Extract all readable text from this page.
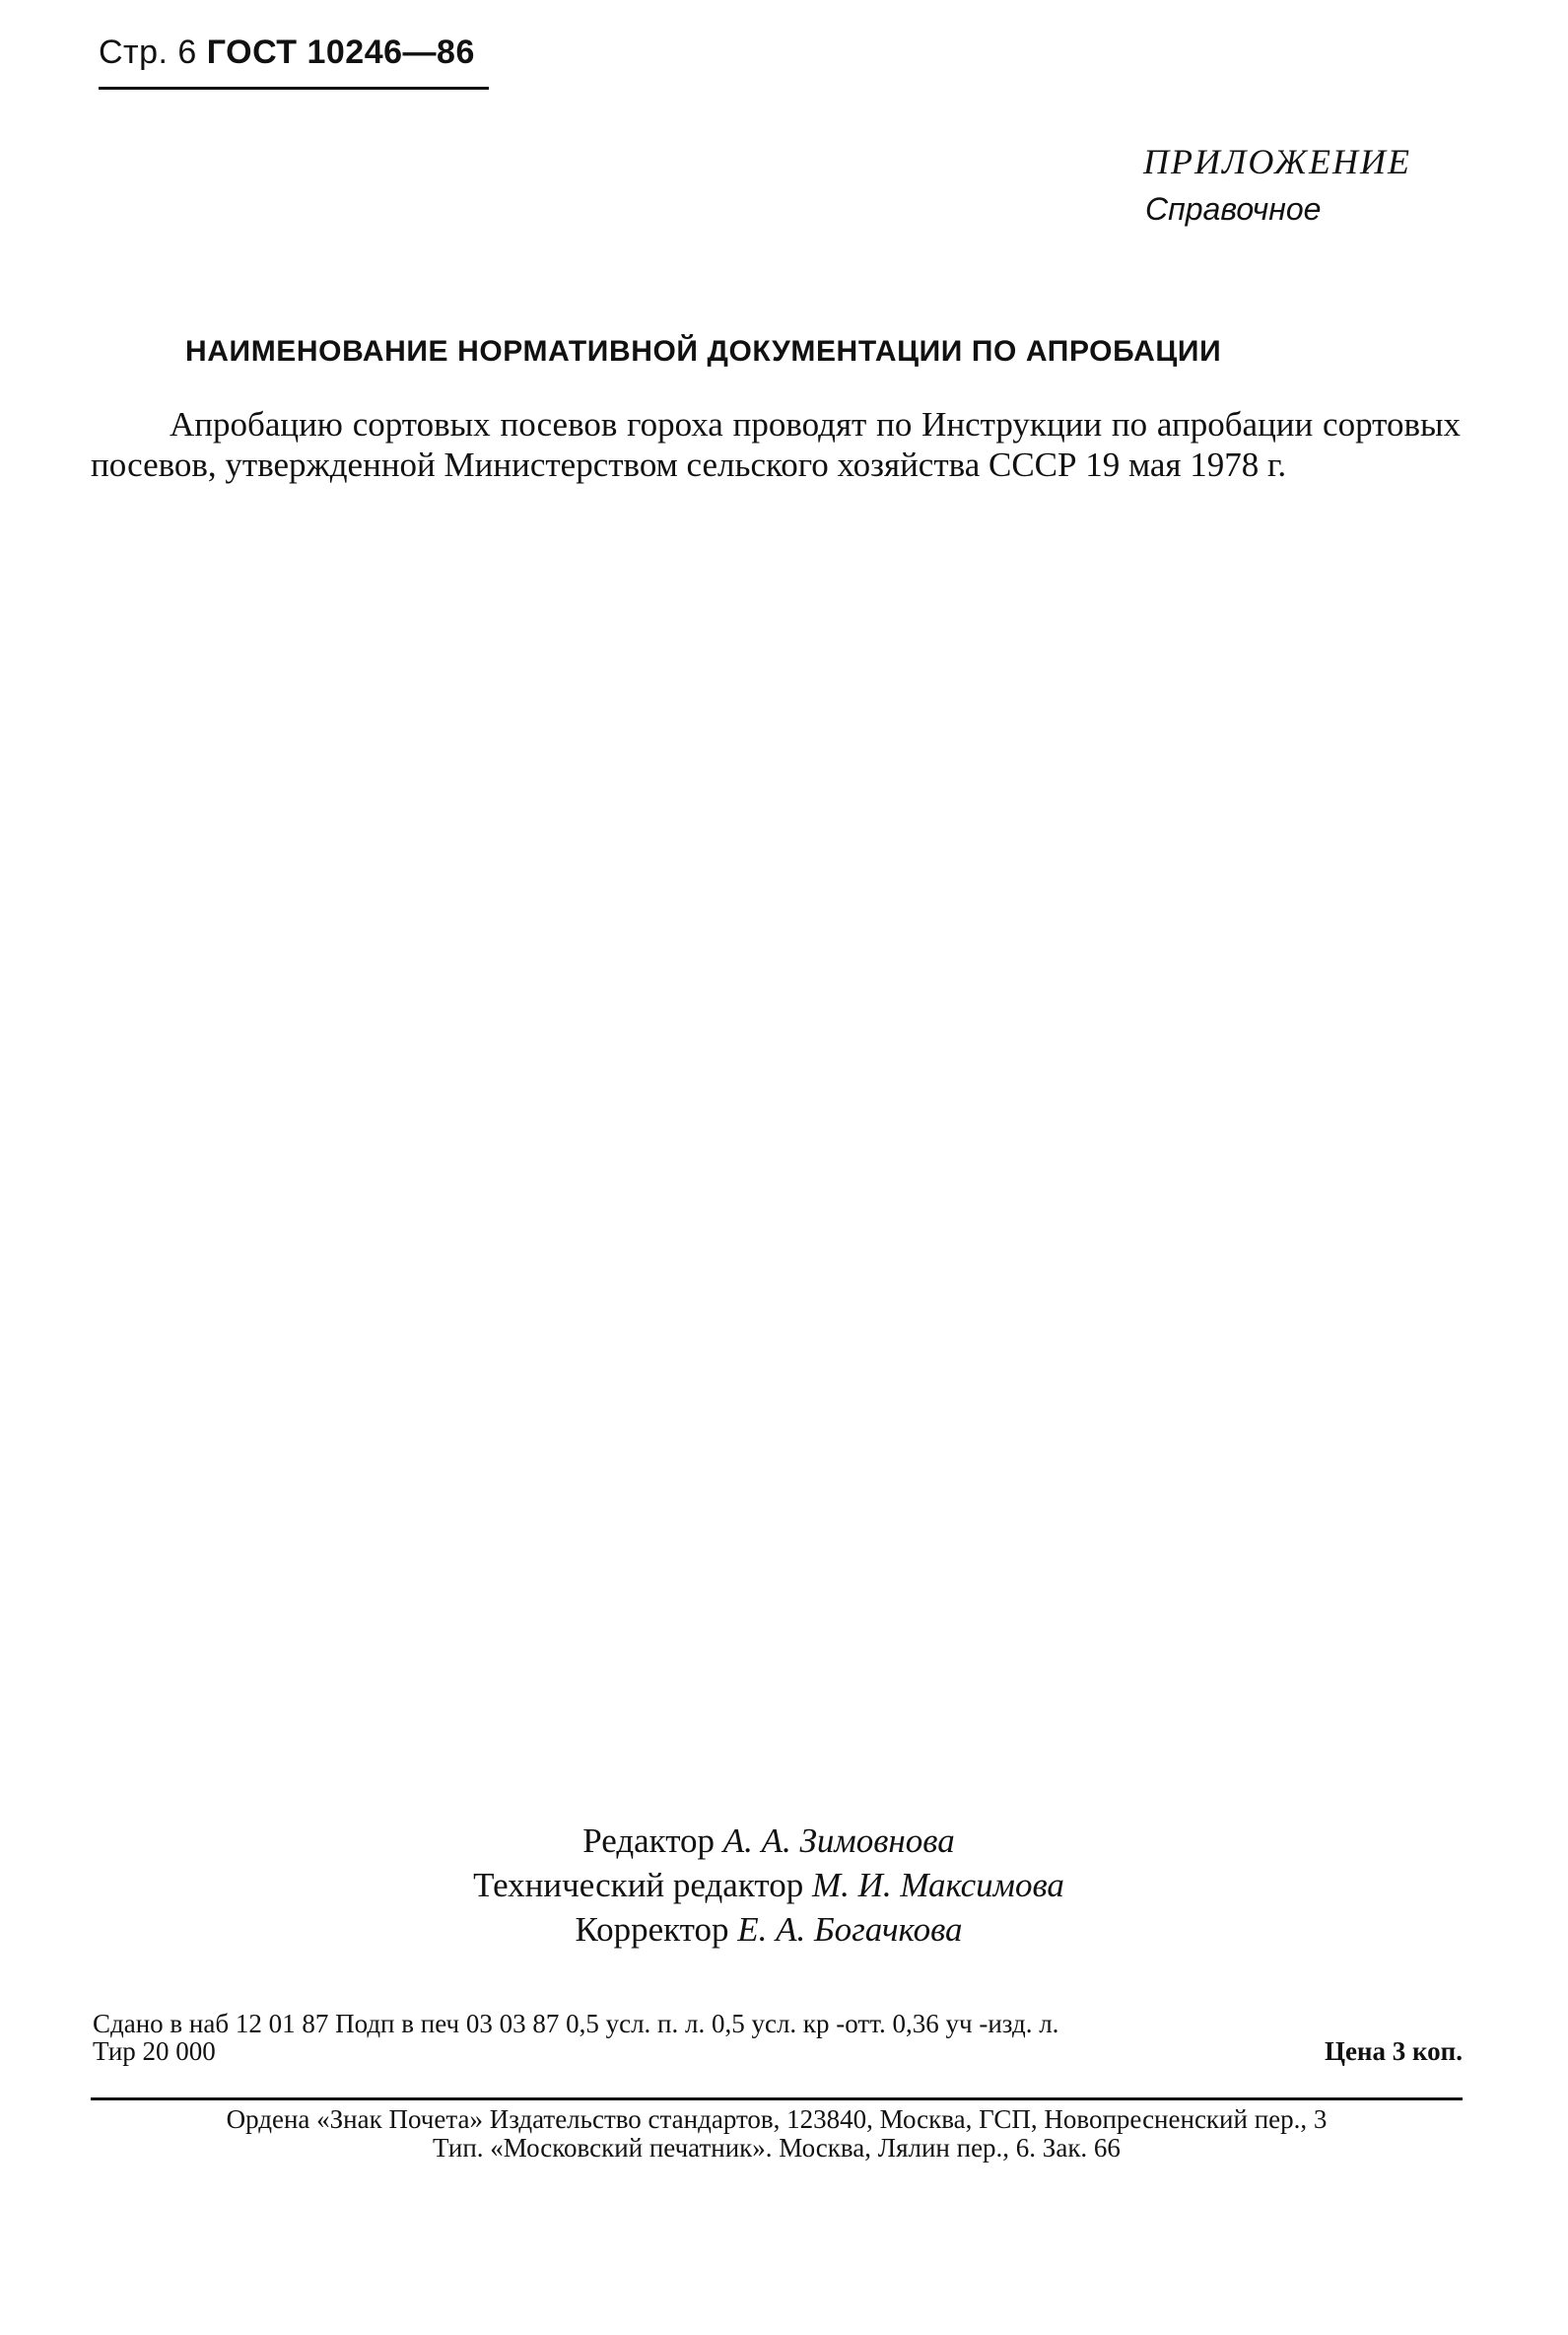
Стр. 6 ГОСТ 10246—86
ПРИЛОЖЕНИЕ
Справочное
НАИМЕНОВАНИЕ НОРМАТИВНОЙ ДОКУМЕНТАЦИИ ПО АПРОБАЦИИ
Апробацию сортовых посевов гороха проводят по Инструкции по апробации сортовых посевов, утвержденной Министерством сельского хозяйства СССР 19 мая 1978 г.
Редактор А. А. Зимовнова
Технический редактор М. И. Максимова
Корректор Е. А. Богачкова
Сдано в наб 12 01 87 Подп в печ 03 03 87 0,5 усл. п. л. 0,5 усл. кр -отт. 0,36 уч -изд. л.
Тир 20 000	Цена 3 коп.
Ордена «Знак Почета» Издательство стандартов, 123840, Москва, ГСП, Новопресненский пер., 3
Тип. «Московский печатник». Москва, Лялин пер., 6. Зак. 66
